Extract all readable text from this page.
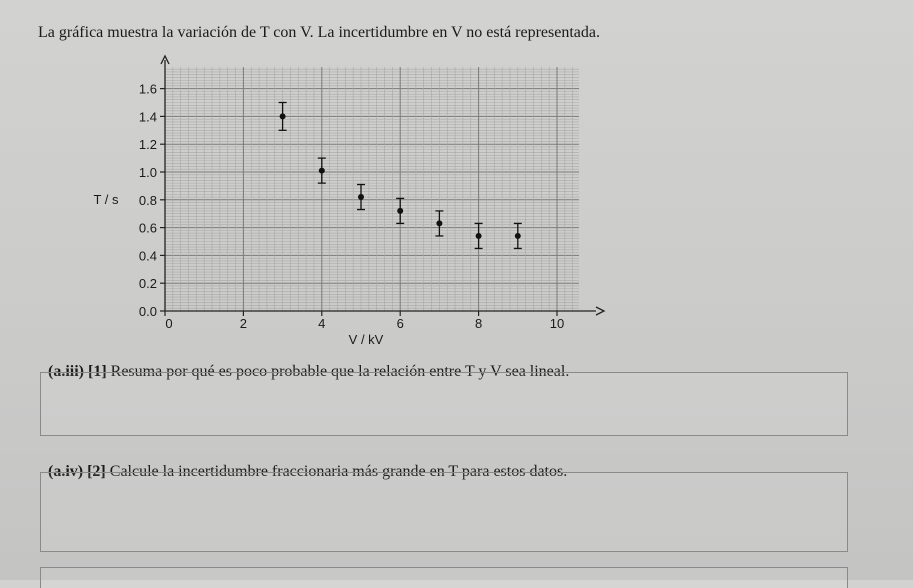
La gráfica muestra la variación de T con V. La incertidumbre en V no está representada.
0.0
0.2
0.4
0.6
0.8
1.0
1.2
1.4
1.6
0	2	4	6	8	10
V / kV
T / s
(a.iii) [1] Resuma por qué es poco probable que la relación entre T y V sea lineal.
(a.iv) [2] Calcule la incertidumbre fraccionaria más grande en T para estos datos.
